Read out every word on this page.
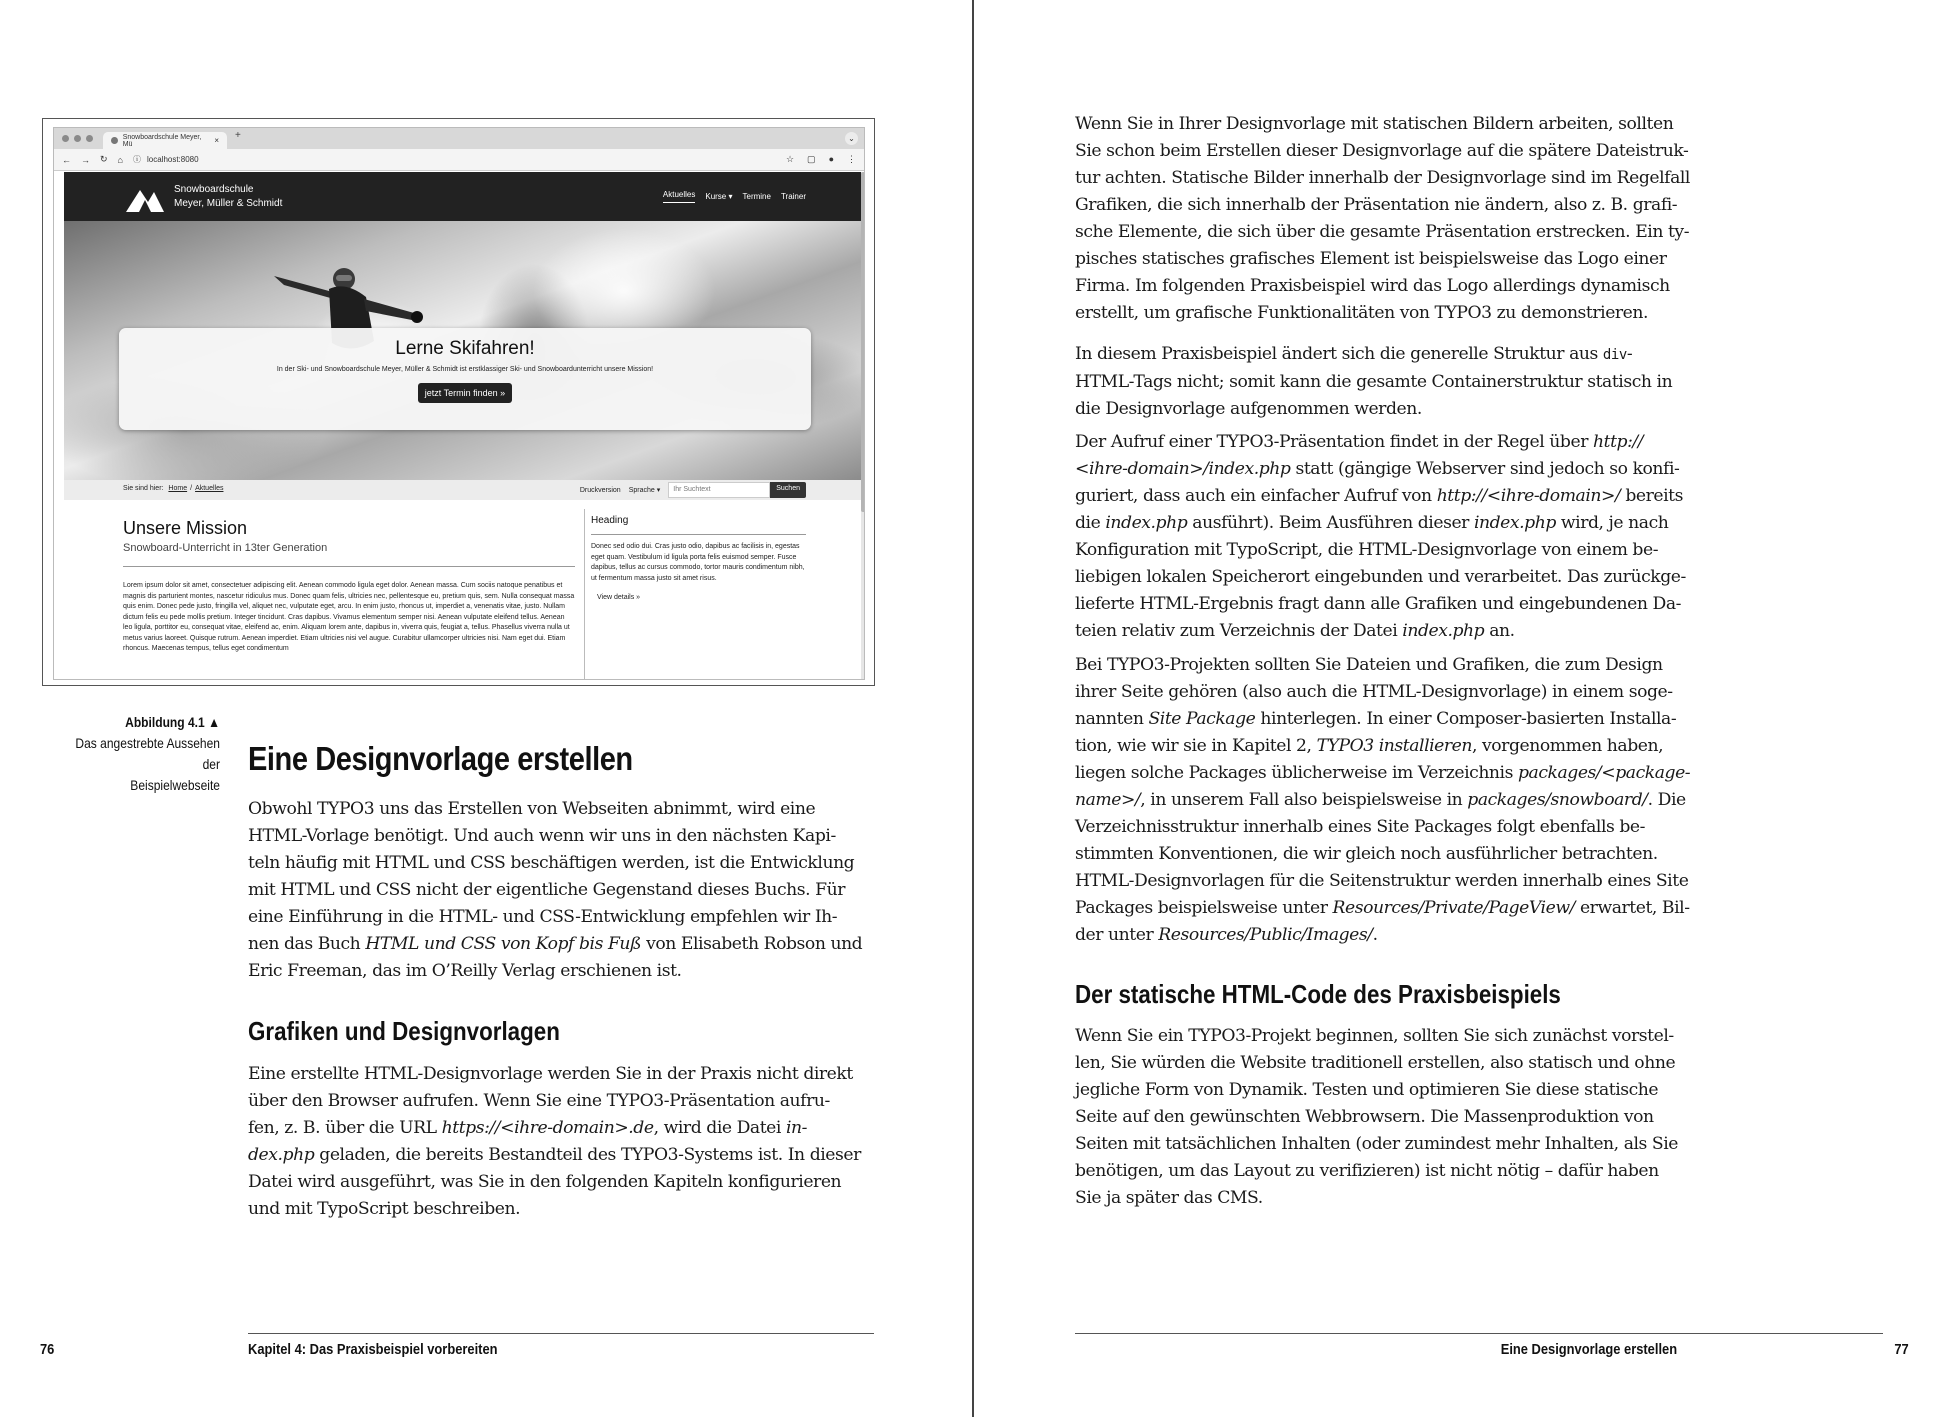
Snowboardschule Meyer, Mü	× +	⌄
← → ↻ ⌂ ⓘ localhost:8080	☆ ▢ ● ⋮
Snowboardschule
Meyer, Müller & Schmidt
Aktuelles Kurse ▾ Termine Trainer
Lerne Skifahren!
In der Ski- und Snowboardschule Meyer, Müller & Schmidt ist erstklassiger Ski- und Snowboardunterricht unsere Mission!
jetzt Termin finden »
Sie sind hier: Home / Aktuelles	Druckversion Sprache ▾	Ihr Suchtext	Suchen
Unsere Mission
Snowboard-Unterricht in 13ter Generation
Lorem ipsum dolor sit amet, consectetuer adipiscing elit. Aenean commodo ligula eget dolor. Aenean massa. Cum sociis natoque penatibus et magnis dis parturient montes, nascetur ridiculus mus. Donec quam felis, ultricies nec, pellentesque eu, pretium quis, sem. Nulla consequat massa quis enim. Donec pede justo, fringilla vel, aliquet nec, vulputate eget, arcu. In enim justo, rhoncus ut, imperdiet a, venenatis vitae, justo. Nullam dictum felis eu pede mollis pretium. Integer tincidunt. Cras dapibus. Vivamus elementum semper nisi. Aenean vulputate eleifend tellus. Aenean leo ligula, porttitor eu, consequat vitae, eleifend ac, enim. Aliquam lorem ante, dapibus in, viverra quis, feugiat a, tellus. Phasellus viverra nulla ut metus varius laoreet. Quisque rutrum. Aenean imperdiet. Etiam ultricies nisi vel augue. Curabitur ullamcorper ultricies nisi. Nam eget dui. Etiam rhoncus. Maecenas tempus, tellus eget condimentum
Heading
Donec sed odio dui. Cras justo odio, dapibus ac facilisis in, egestas eget quam. Vestibulum id ligula porta felis euismod semper. Fusce dapibus, tellus ac cursus commodo, tortor mauris condimentum nibh, ut fermentum massa justo sit amet risus.
View details »
Abbildung 4.1 ▲
Das angestrebte Aussehen der
Beispielwebseite
Eine Designvorlage erstellen
Obwohl TYPO3 uns das Erstellen von Webseiten abnimmt, wird eine
HTML-Vorlage benötigt. Und auch wenn wir uns in den nächsten Kapi-
teln häufig mit HTML und CSS beschäftigen werden, ist die Entwicklung
mit HTML und CSS nicht der eigentliche Gegenstand dieses Buchs. Für
eine Einführung in die HTML- und CSS-Entwicklung empfehlen wir Ih-
nen das Buch HTML und CSS von Kopf bis Fuß von Elisabeth Robson und
Eric Freeman, das im O’Reilly Verlag erschienen ist.
Grafiken und Designvorlagen
Eine erstellte HTML-Designvorlage werden Sie in der Praxis nicht direkt
über den Browser aufrufen. Wenn Sie eine TYPO3-Präsentation aufru-
fen, z. B. über die URL https://<ihre-domain>.de, wird die Datei in-
dex.php geladen, die bereits Bestandteil des TYPO3-Systems ist. In dieser
Datei wird ausgeführt, was Sie in den folgenden Kapiteln konfigurieren
und mit TypoScript beschreiben.
76	Kapitel 4: Das Praxisbeispiel vorbereiten
Wenn Sie in Ihrer Designvorlage mit statischen Bildern arbeiten, sollten
Sie schon beim Erstellen dieser Designvorlage auf die spätere Dateistruk-
tur achten. Statische Bilder innerhalb der Designvorlage sind im Regelfall
Grafiken, die sich innerhalb der Präsentation nie ändern, also z. B. grafi-
sche Elemente, die sich über die gesamte Präsentation erstrecken. Ein ty-
pisches statisches grafisches Element ist beispielsweise das Logo einer
Firma. Im folgenden Praxisbeispiel wird das Logo allerdings dynamisch
erstellt, um grafische Funktionalitäten von TYPO3 zu demonstrieren.
In diesem Praxisbeispiel ändert sich die generelle Struktur aus div-
HTML-Tags nicht; somit kann die gesamte Containerstruktur statisch in
die Designvorlage aufgenommen werden.
Der Aufruf einer TYPO3-Präsentation findet in der Regel über http://
<ihre-domain>/index.php statt (gängige Webserver sind jedoch so konfi-
guriert, dass auch ein einfacher Aufruf von http://<ihre-domain>/ bereits
die index.php ausführt). Beim Ausführen dieser index.php wird, je nach
Konfiguration mit TypoScript, die HTML-Designvorlage von einem be-
liebigen lokalen Speicherort eingebunden und verarbeitet. Das zurückge-
lieferte HTML-Ergebnis fragt dann alle Grafiken und eingebundenen Da-
teien relativ zum Verzeichnis der Datei index.php an.
Bei TYPO3-Projekten sollten Sie Dateien und Grafiken, die zum Design
ihrer Seite gehören (also auch die HTML-Designvorlage) in einem soge-
nannten Site Package hinterlegen. In einer Composer-basierten Installa-
tion, wie wir sie in Kapitel 2, TYPO3 installieren, vorgenommen haben,
liegen solche Packages üblicherweise im Verzeichnis packages/<package-
name>/, in unserem Fall also beispielsweise in packages/snowboard/. Die
Verzeichnisstruktur innerhalb eines Site Packages folgt ebenfalls be-
stimmten Konventionen, die wir gleich noch ausführlicher betrachten.
HTML-Designvorlagen für die Seitenstruktur werden innerhalb eines Site
Packages beispielsweise unter Resources/Private/PageView/ erwartet, Bil-
der unter Resources/Public/Images/.
Der statische HTML-Code des Praxisbeispiels
Wenn Sie ein TYPO3-Projekt beginnen, sollten Sie sich zunächst vorstel-
len, Sie würden die Website traditionell erstellen, also statisch und ohne
jegliche Form von Dynamik. Testen und optimieren Sie diese statische
Seite auf den gewünschten Webbrowsern. Die Massenproduktion von
Seiten mit tatsächlichen Inhalten (oder zumindest mehr Inhalten, als Sie
benötigen, um das Layout zu verifizieren) ist nicht nötig – dafür haben
Sie ja später das CMS.
Eine Designvorlage erstellen	77
